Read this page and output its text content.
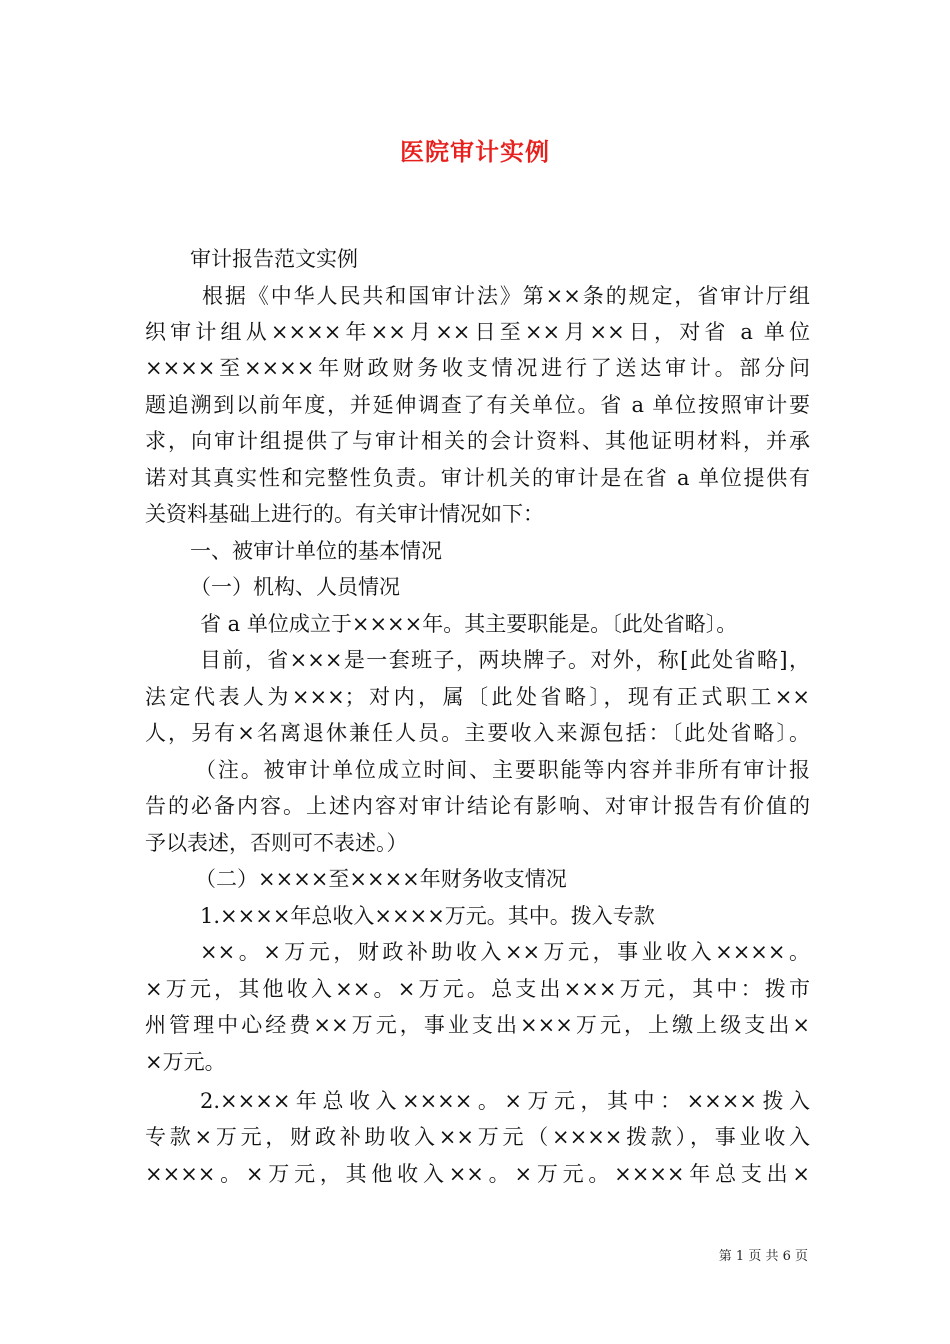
医院审计实例
审计报告范文实例
根据《中华人民共和国审计法》第××条的规定，省审计厅组
织审计组从××××年××月××日至××月××日，对省 a 单位
××××至××××年财政财务收支情况进行了送达审计。部分问
题追溯到以前年度，并延伸调查了有关单位。省 a 单位按照审计要
求，向审计组提供了与审计相关的会计资料、其他证明材料，并承
诺对其真实性和完整性负责。审计机关的审计是在省 a 单位提供有
关资料基础上进行的。有关审计情况如下：
一、被审计单位的基本情况
（一）机构、人员情况
省 a 单位成立于××××年。其主要职能是。〔此处省略〕。
目前，省×××是一套班子，两块牌子。对外，称[此处省略]，
法定代表人为×××；对内，属〔此处省略〕，现有正式职工××
人，另有×名离退休兼任人员。主要收入来源包括：〔此处省略〕。
（注。被审计单位成立时间、主要职能等内容并非所有审计报
告的必备内容。上述内容对审计结论有影响、对审计报告有价值的
予以表述，否则可不表述。）
（二）××××至××××年财务收支情况
1.××××年总收入××××万元。其中。拨入专款
××。×万元，财政补助收入××万元，事业收入××××。
×万元，其他收入××。×万元。总支出×××万元，其中：拨市
州管理中心经费××万元，事业支出×××万元，上缴上级支出×
×万元。
2.××××年总收入××××。×万元，其中：××××拨入
专款×万元，财政补助收入××万元（××××拨款），事业收入
××××。×万元，其他收入××。×万元。××××年总支出×
第 1 页 共 6 页
